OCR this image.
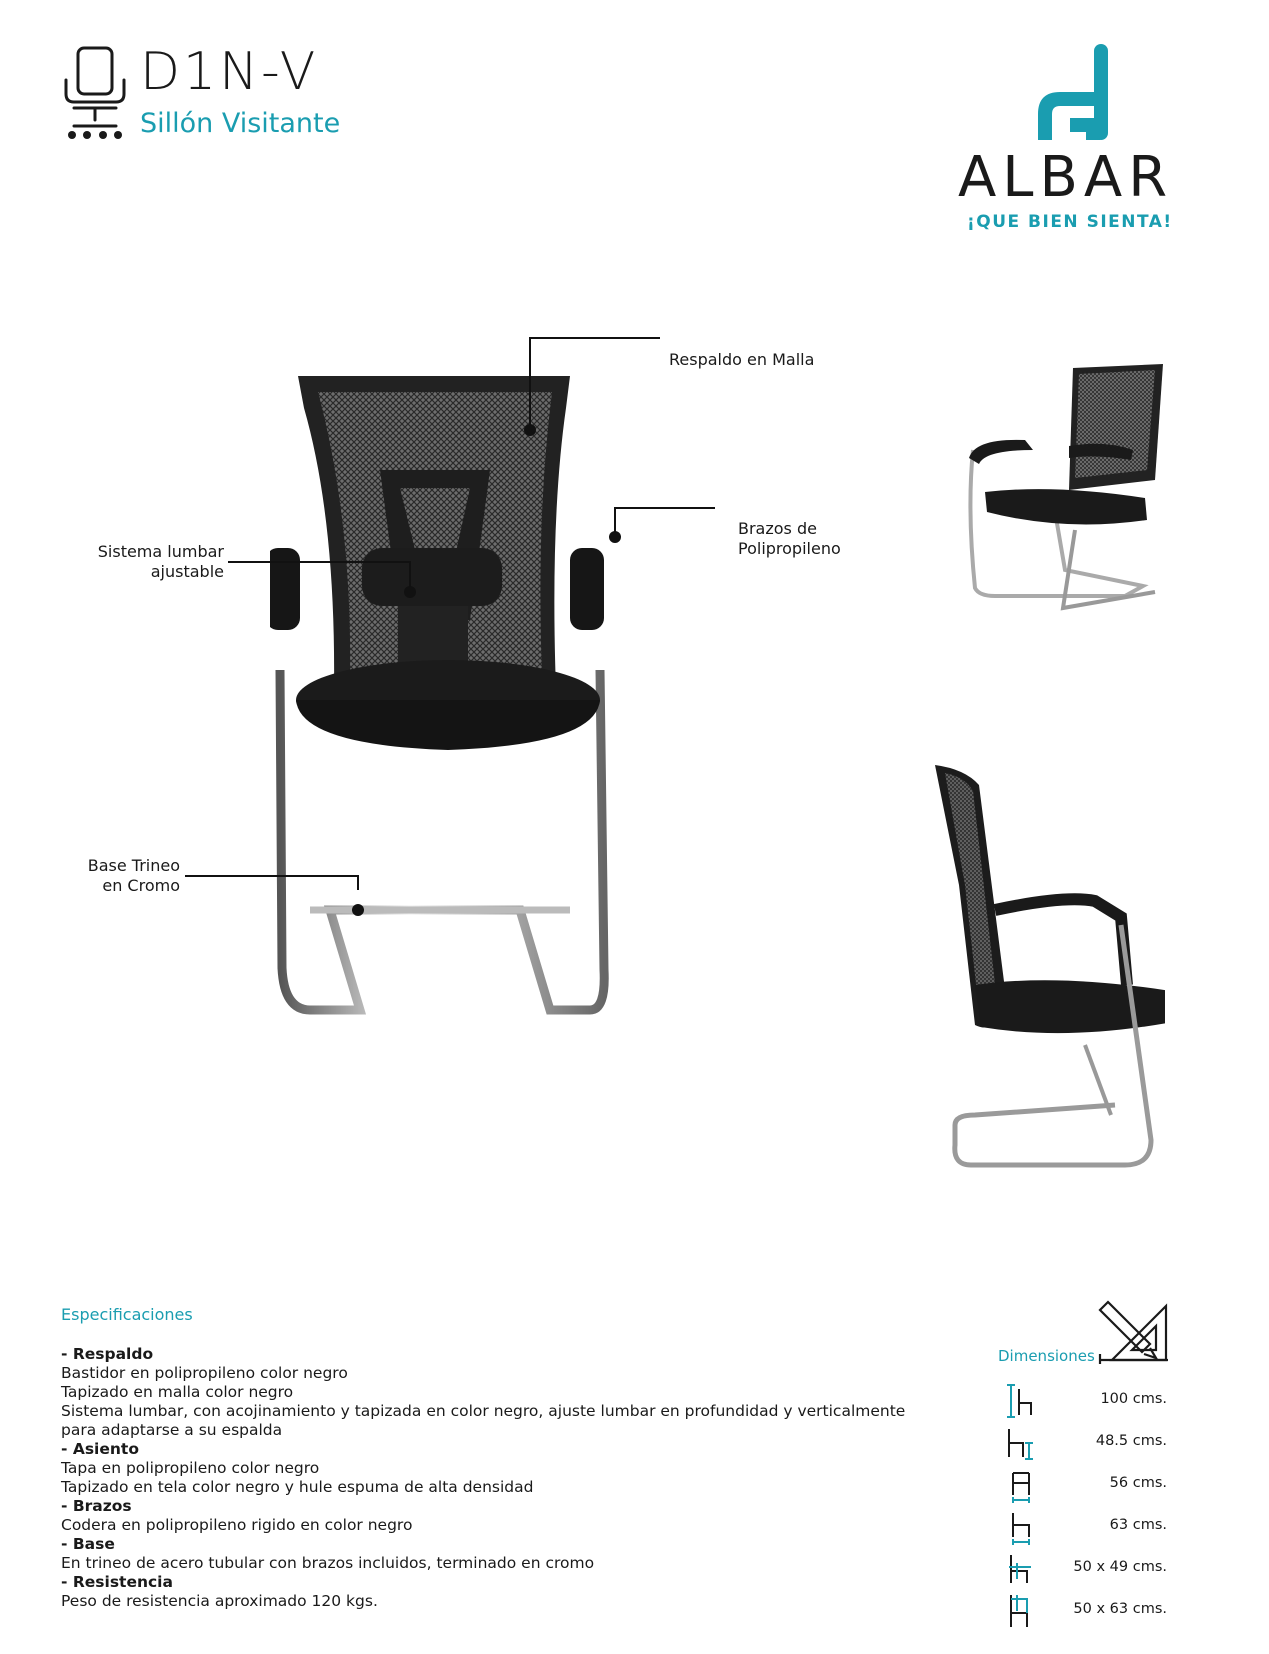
D1N-V
Sillón Visitante
ALBAR
¡QUE BIEN SIENTA!
Respaldo en Malla
Brazos de
Polipropileno
Sistema lumbar
ajustable
Base Trineo
en Cromo
Especificaciones
- Respaldo
Bastidor en polipropileno color negro
Tapizado en malla color negro
Sistema lumbar, con acojinamiento y tapizada en color negro, ajuste lumbar en profundidad y verticalmente
para adaptarse a su espalda
- Asiento
Tapa en polipropileno color negro
Tapizado en tela color negro y hule espuma de alta densidad
- Brazos
Codera en polipropileno rigido en color negro
- Base
En trineo de acero tubular con brazos incluidos, terminado en cromo
- Resistencia
Peso de resistencia aproximado 120 kgs.
Dimensiones
100 cms.
48.5 cms.
56 cms.
63 cms.
50 x 49 cms.
50 x 63 cms.
